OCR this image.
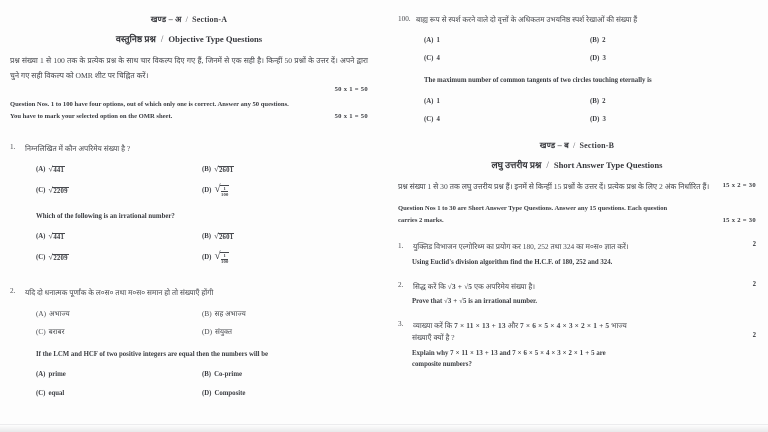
खण्ड – अ / Section-A
वस्तुनिष्ठ प्रश्न / Objective Type Questions

प्रश्न संख्या 1 से 100 तक के प्रत्येक प्रश्न के साथ चार विकल्प दिए गए हैं, जिनमें से एक सही है। किन्हीं 50 प्रश्नों के उत्तर दें। अपने द्वारा चुने गए सही विकल्प को OMR शीट पर चिह्नित करें।

50 x 1 = 50

Question Nos. 1 to 100 have four options, out of which only one is correct. Answer any 50 questions.

50 x 1 = 50
You have to mark your selected option on the OMR sheet.

1.	निम्नलिखित में कौन अपरिमेय संख्या है ?
(A) √ 441	(B) √ 2601
(C) √ 2209	(D) √ $\frac{1}{100}$
Which of the following is an irrational number?
(A) √ 441	(B) √ 2601
(C) √ 2209	(D) √ $\frac{1}{100}$
2.	यदि दो धनात्मक पूर्णांक के ल०स० तथा म०स० समान हो तो संख्याएँ होंगी
(A) अभाज्य	(B) सह अभाज्य
(C) बराबर	(D) संयुक्त
If the LCM and HCF of two positive integers are equal then the numbers will be
(A) prime	(B) Co-prime
(C) equal	(D) Composite
100. बाह्य रूप से स्पर्श करने वाले दो वृत्तों के अधिकतम उभयनिष्ठ स्पर्श रेखाओं की संख्या हैं
(A) 1	(B) 2
(C) 4	(D) 3
The maximum number of common tangents of two circles touching eternally is
(A) 1	(B) 2
(C) 4	(D) 3
खण्ड – ब / Section-B
लघु उत्तरीय प्रश्न / Short Answer Type Questions

15 x 2 = 30
प्रश्न संख्या 1 से 30 तक लघु उत्तरीय प्रश्न हैं। इनमें से किन्हीं 15 प्रश्नों के उत्तर दें। प्रत्येक प्रश्न के लिए 2 अंक निर्धारित हैं।

Question Nos 1 to 30 are Short Answer Type Questions. Answer any 15 questions. Each question

15 x 2 = 30
carries 2 marks.

1.	युक्लिड विभाजन एल्गोरिथ्म का प्रयोग कर 180, 252 तथा 324 का म०स० ज्ञात करें।	2
Using Euclid's division algorithm find the H.C.F. of 180, 252 and 324.
2.	सिद्ध करें कि √3 + √5 एक अपरिमेय संख्या है।	2
Prove that √3 + √5 is an irrational number.
3.	व्याख्या करें कि 7 × 11 × 13 + 13 और 7 × 6 × 5 × 4 × 3 × 2 × 1 + 5 भाज्य
संख्याएँ क्यों है ?	2
Explain why 7 × 11 × 13 + 13 and 7 × 6 × 5 × 4 × 3 × 2 × 1 + 5 are
composite numbers?
